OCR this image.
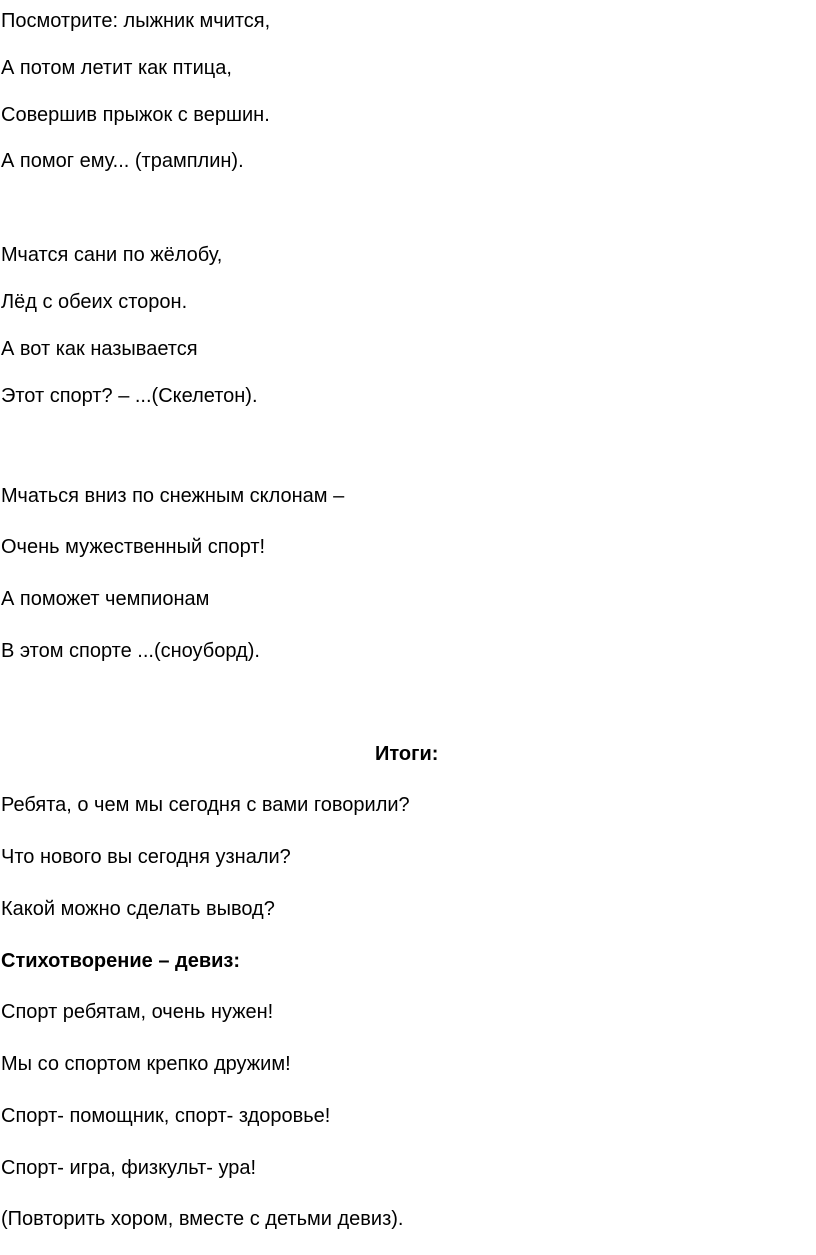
Посмотрите: лыжник мчится,
А потом летит как птица,
Совершив прыжок с вершин.
А помог ему... (трамплин).
Мчатся сани по жёлобу,
Лёд с обеих сторон.
А вот как называется
Этот спорт? – ...(Скелетон).
Мчаться вниз по снежным склонам –
Очень мужественный спорт!
А поможет чемпионам
В этом спорте ...(сноуборд).
Итоги:
Ребята, о чем мы сегодня с вами говорили?
Что нового вы сегодня узнали?
Какой можно сделать вывод?
Стихотворение – девиз:
Спорт ребятам, очень нужен!
Мы со спортом крепко дружим!
Спорт- помощник, спорт- здоровье!
Спорт- игра, физкульт- ура!
(Повторить хором, вместе с детьми девиз).
